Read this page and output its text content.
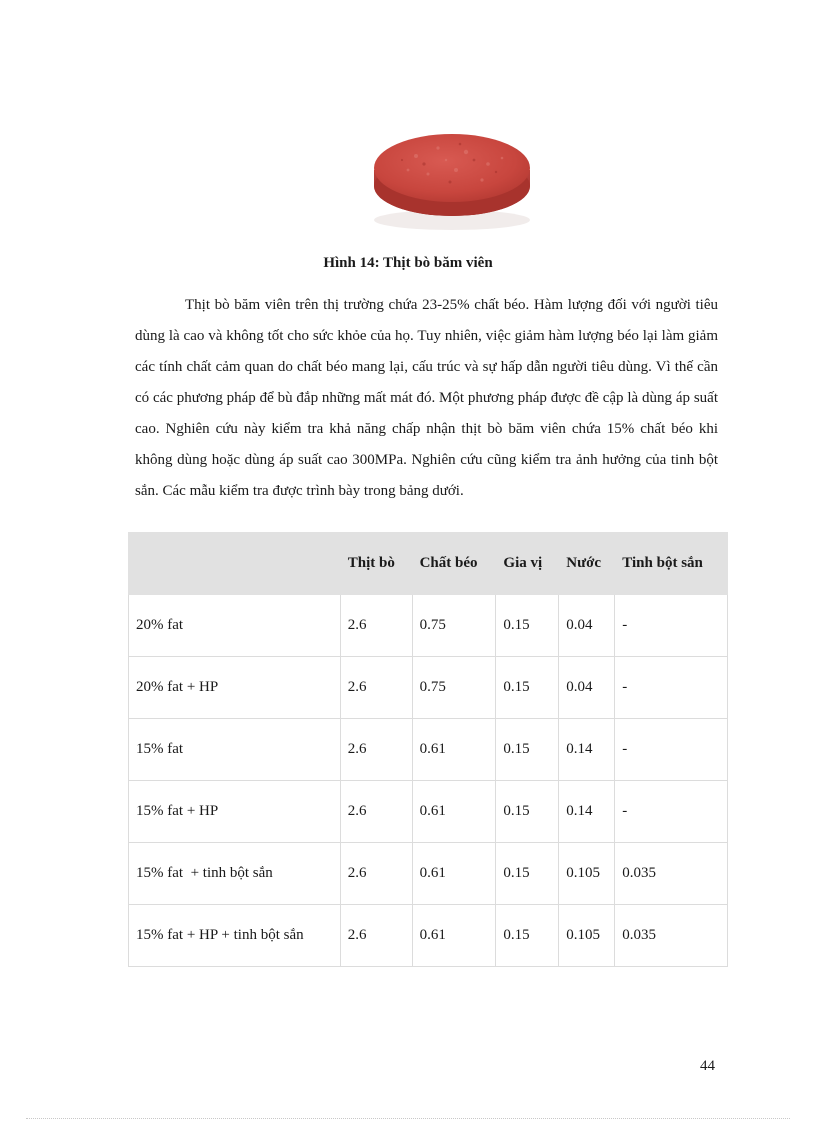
Hình 14: Thịt bò băm viên

Thịt bò băm viên trên thị trường chứa 23-25% chất béo. Hàm lượng đối với người tiêu dùng là cao và không tốt cho sức khỏe của họ. Tuy nhiên, việc giảm hàm lượng béo lại làm giảm các tính chất cảm quan do chất béo mang lại, cấu trúc và sự hấp dẫn người tiêu dùng. Vì thế cần có các phương pháp để bù đắp những mất mát đó. Một phương pháp được đề cập là dùng áp suất cao. Nghiên cứu này kiểm tra khả năng chấp nhận thịt bò băm viên chứa 15% chất béo khi không dùng hoặc dùng áp suất cao 300MPa. Nghiên cứu cũng kiểm tra ảnh hưởng của tinh bột sắn. Các mẫu kiểm tra được trình bày trong bảng dưới.

	Thịt bò	Chất béo	Gia vị	Nước	Tinh bột sắn
20% fat	2.6	0.75	0.15	0.04	-
20% fat + HP	2.6	0.75	0.15	0.04	-
15% fat	2.6	0.61	0.15	0.14	-
15% fat + HP	2.6	0.61	0.15	0.14	-
15% fat  + tinh bột sắn	2.6	0.61	0.15	0.105	0.035
15% fat + HP + tinh bột sắn	2.6	0.61	0.15	0.105	0.035
44
